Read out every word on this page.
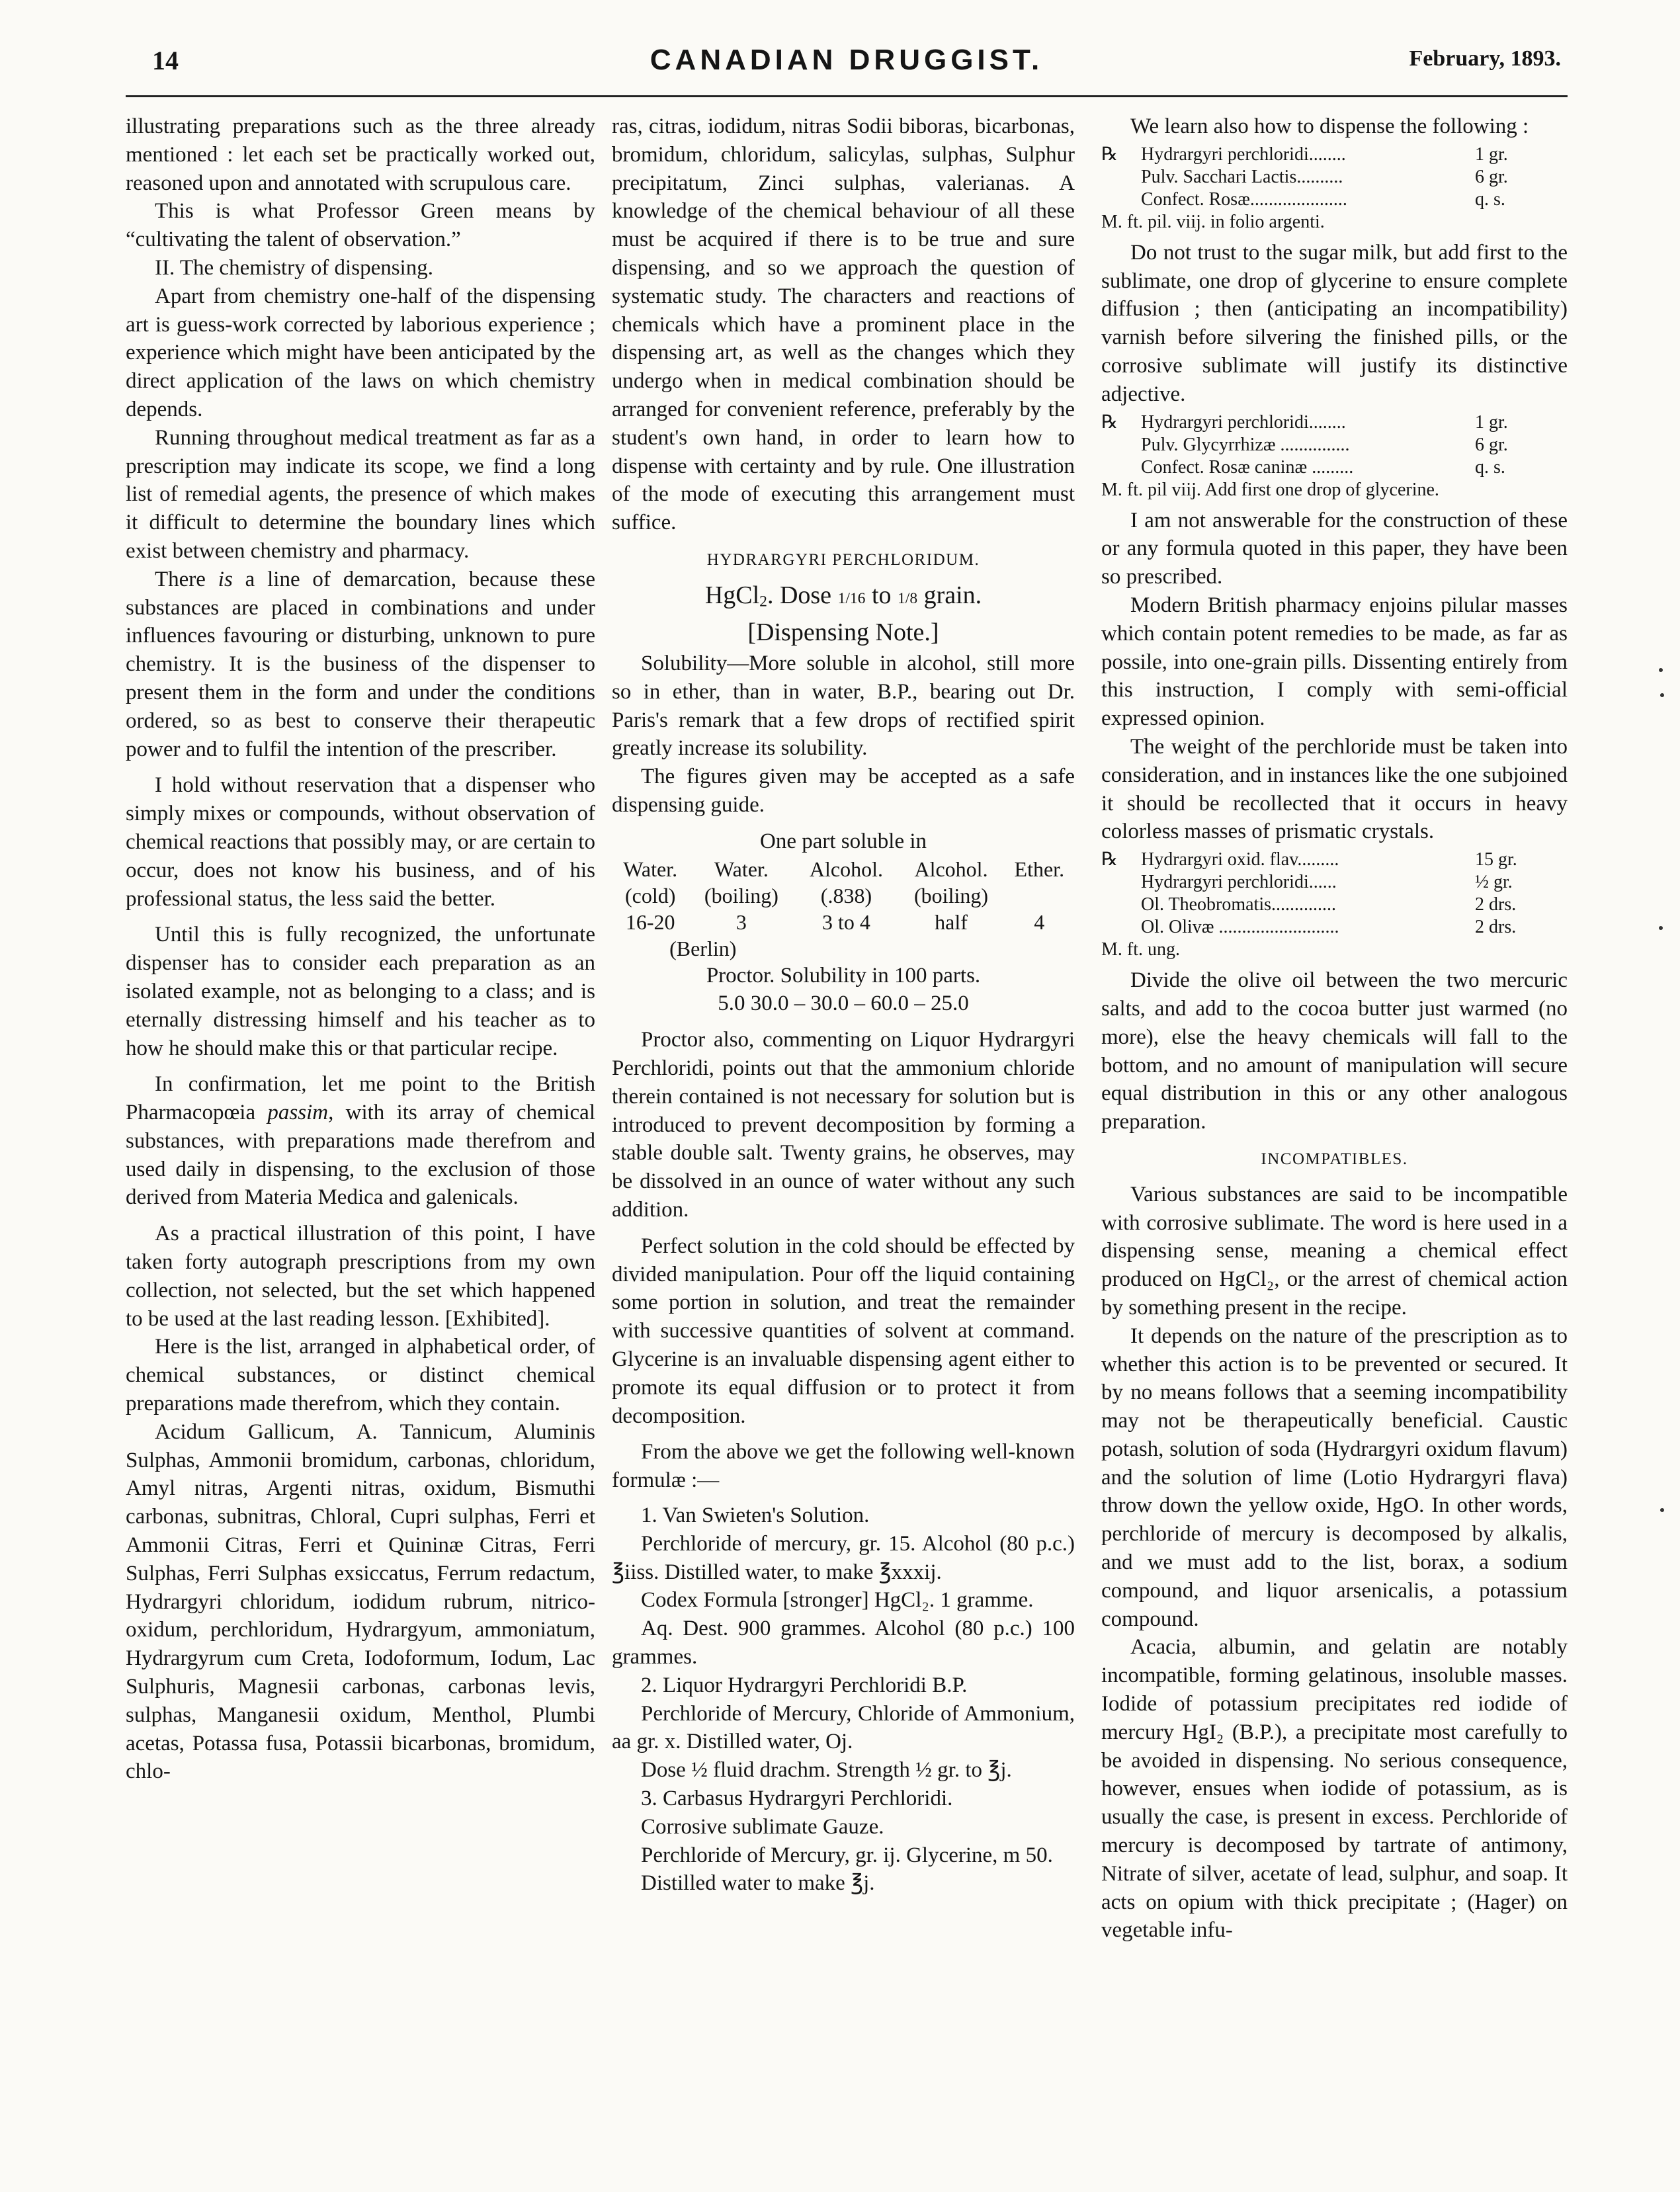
14	CANADIAN DRUGGIST.	February, 1893.

illustrating preparations such as the three already mentioned : let each set be practically worked out, reasoned upon and annotated with scrupulous care.

This is what Professor Green means by “cultivating the talent of observation.”

II. The chemistry of dispensing.

Apart from chemistry one-half of the dispensing art is guess-work corrected by laborious experience ; experience which might have been anticipated by the direct application of the laws on which chemistry depends.

Running throughout medical treatment as far as a prescription may indicate its scope, we find a long list of remedial agents, the presence of which makes it difficult to determine the boundary lines which exist between chemistry and pharmacy.

There is a line of demarcation, because these substances are placed in combinations and under influences favouring or disturbing, unknown to pure chemistry. It is the business of the dispenser to present them in the form and under the conditions ordered, so as best to conserve their therapeutic power and to fulfil the intention of the prescriber.

I hold without reservation that a dispenser who simply mixes or compounds, without observation of chemical reactions that possibly may, or are certain to occur, does not know his business, and of his professional status, the less said the better.

Until this is fully recognized, the unfortunate dispenser has to consider each preparation as an isolated example, not as belonging to a class; and is eternally distressing himself and his teacher as to how he should make this or that particular recipe.

In confirmation, let me point to the British Pharmacopœia passim, with its array of chemical substances, with preparations made therefrom and used daily in dispensing, to the exclusion of those derived from Materia Medica and galenicals.

As a practical illustration of this point, I have taken forty autograph prescriptions from my own collection, not selected, but the set which happened to be used at the last reading lesson. [Exhibited].

Here is the list, arranged in alphabetical order, of chemical substances, or distinct chemical preparations made therefrom, which they contain.

Acidum Gallicum, A. Tannicum, Aluminis Sulphas, Ammonii bromidum, carbonas, chloridum, Amyl nitras, Argenti nitras, oxidum, Bismuthi carbonas, subnitras, Chloral, Cupri sulphas, Ferri et Ammonii Citras, Ferri et Quininæ Citras, Ferri Sulphas, Ferri Sulphas exsiccatus, Ferrum redactum, Hydrargyri chloridum, iodidum rubrum, nitrico-oxidum, perchloridum, Hydrargyum, ammoniatum, Hydrargyrum cum Creta, Iodoformum, Iodum, Lac Sulphuris, Magnesii carbonas, carbonas levis, sulphas, Manganesii oxidum, Menthol, Plumbi acetas, Potassa fusa, Potassii bicarbonas, bromidum, chlo-

ras, citras, iodidum, nitras Sodii biboras, bicarbonas, bromidum, chloridum, salicylas, sulphas, Sulphur precipitatum, Zinci sulphas, valerianas. A knowledge of the chemical behaviour of all these must be acquired if there is to be true and sure dispensing, and so we approach the question of systematic study. The characters and reactions of chemicals which have a prominent place in the dispensing art, as well as the changes which they undergo when in medical combination should be arranged for convenient reference, preferably by the student's own hand, in order to learn how to dispense with certainty and by rule. One illustration of the mode of executing this arrangement must suffice.

HYDRARGYRI PERCHLORIDUM.

HgCl$_2$. Dose 1/16 to 1/8 grain.

[Dispensing Note.]

Solubility—More soluble in alcohol, still more so in ether, than in water, B.P., bearing out Dr. Paris's remark that a few drops of rectified spirit greatly increase its solubility.

The figures given may be accepted as a safe dispensing guide.

One part soluble in

Water.	Water.	Alcohol.	Alcohol.	Ether.
(cold)	(boiling)	(.838)	(boiling)	
16-20	3	3 to 4	half	4
(Berlin)				

Proctor. Solubility in 100 parts.

5.0 30.0 – 30.0 – 60.0 – 25.0

Proctor also, commenting on Liquor Hydrargyri Perchloridi, points out that the ammonium chloride therein contained is not necessary for solution but is introduced to prevent decomposition by forming a stable double salt. Twenty grains, he observes, may be dissolved in an ounce of water without any such addition.

Perfect solution in the cold should be effected by divided manipulation. Pour off the liquid containing some portion in solution, and treat the remainder with successive quantities of solvent at command. Glycerine is an invaluable dispensing agent either to promote its equal diffusion or to protect it from decomposition.

From the above we get the following well-known formulæ :—

1. Van Swieten's Solution.

Perchloride of mercury, gr. 15. Alcohol (80 p.c.) ℥iiss. Distilled water, to make ℥xxxij.

Codex Formula [stronger] HgCl₂. 1 gramme.

Aq. Dest. 900 grammes. Alcohol (80 p.c.) 100 grammes.

2. Liquor Hydrargyri Perchloridi B.P.

Perchloride of Mercury, Chloride of Ammonium, aa gr. x. Distilled water, Oj.

Dose ½ fluid drachm. Strength ½ gr. to ℥j.

3. Carbasus Hydrargyri Perchloridi.

Corrosive sublimate Gauze.

Perchloride of Mercury, gr. ij. Glycerine, m 50.

Distilled water to make ℥j.

We learn also how to dispense the following :

℞ Hydrargyri perchloridi........	1 gr.
Pulv. Sacchari Lactis..........	6 gr.
Confect. Rosæ.....................	q. s.
M. ft. pil. viij. in folio argenti.

Do not trust to the sugar milk, but add first to the sublimate, one drop of glycerine to ensure complete diffusion ; then (anticipating an incompatibility) varnish before silvering the finished pills, or the corrosive sublimate will justify its distinctive adjective.

℞ Hydrargyri perchloridi........	1 gr.
Pulv. Glycyrrhizæ ...............	6 gr.
Confect. Rosæ caninæ .........	q. s.
M. ft. pil viij. Add first one drop of glycerine.

I am not answerable for the construction of these or any formula quoted in this paper, they have been so prescribed.

Modern British pharmacy enjoins pilular masses which contain potent remedies to be made, as far as possile, into one-grain pills. Dissenting entirely from this instruction, I comply with semi-official expressed opinion.

The weight of the perchloride must be taken into consideration, and in instances like the one subjoined it should be recollected that it occurs in heavy colorless masses of prismatic crystals.

℞ Hydrargyri oxid. flav.........	15 gr.
Hydrargyri perchloridi......	½ gr.
Ol. Theobromatis..............	2 drs.
Ol. Olivæ ..........................	2 drs.
M. ft. ung.

Divide the olive oil between the two mercuric salts, and add to the cocoa butter just warmed (no more), else the heavy chemicals will fall to the bottom, and no amount of manipulation will secure equal distribution in this or any other analogous preparation.

INCOMPATIBLES.

Various substances are said to be incompatible with corrosive sublimate. The word is here used in a dispensing sense, meaning a chemical effect produced on HgCl₂, or the arrest of chemical action by something present in the recipe.

It depends on the nature of the prescription as to whether this action is to be prevented or secured. It by no means follows that a seeming incompatibility may not be therapeutically beneficial. Caustic potash, solution of soda (Hydrargyri oxidum flavum) and the solution of lime (Lotio Hydrargyri flava) throw down the yellow oxide, HgO. In other words, perchloride of mercury is decomposed by alkalis, and we must add to the list, borax, a sodium compound, and liquor arsenicalis, a potassium compound.

Acacia, albumin, and gelatin are notably incompatible, forming gelatinous, insoluble masses. Iodide of potassium precipitates red iodide of mercury HgI₂ (B.P.), a precipitate most carefully to be avoided in dispensing. No serious consequence, however, ensues when iodide of potassium, as is usually the case, is present in excess. Perchloride of mercury is decomposed by tartrate of antimony, Nitrate of silver, acetate of lead, sulphur, and soap. It acts on opium with thick precipitate ; (Hager) on vegetable infu-
